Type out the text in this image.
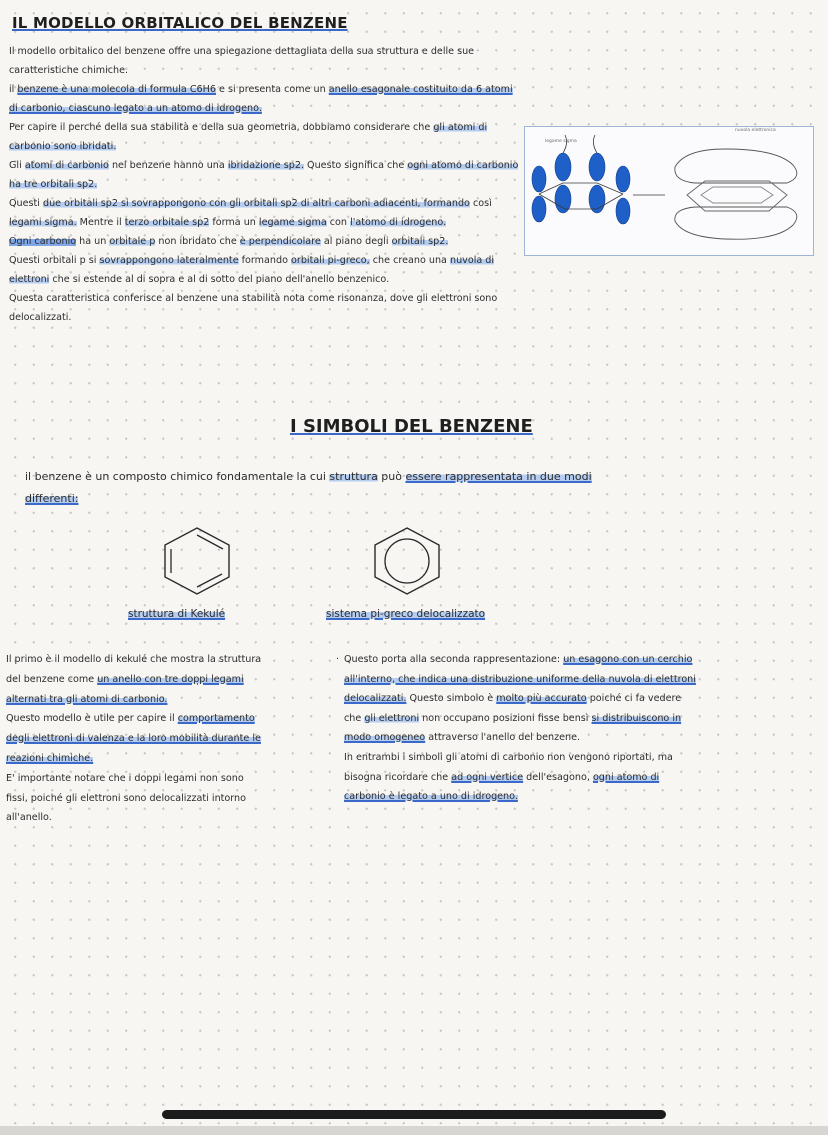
IL MODELLO ORBITALICO DEL BENZENE

Il modello orbitalico del benzene offre una spiegazione dettagliata della sua struttura e delle sue caratteristiche chimiche.

il benzene è una molecola di formula C6H6 e si presenta come un anello esagonale costituito da 6 atomi di carbonio, ciascuno legato a un atomo di idrogeno.

Per capire il perché della sua stabilità e della sua geometria, dobbiamo considerare che gli atomi di carbonio sono ibridati.

Gli atomi di carbonio nel benzene hanno una ibridazione sp2. Questo significa che ogni atomo di carbonio ha tre orbitali sp2.

Questi due orbitali sp2 si sovrappongono con gli orbitali sp2 di altri carboni adiacenti, formando così legami sigma. Mentre il terzo orbitale sp2 forma un legame sigma con l'atomo di idrogeno.

Ogni carbonio ha un orbitale p non ibridato che è perpendicolare al piano degli orbitali sp2.

Questi orbitali p si sovrappongono lateralmente formando orbitali pi-greco, che creano una nuvola di elettroni che si estende al di sopra e al di sotto del piano dell'anello benzenico.

Questa caratteristica conferisce al benzene una stabilità nota come risonanza, dove gli elettroni sono delocalizzati.

legame sigma
nuvola elettronica
I SIMBOLI DEL BENZENE

il benzene è un composto chimico fondamentale la cui struttura può essere rappresentata in due modi differenti:

struttura di Kekulé	sistema pi-greco delocalizzato

Il primo è il modello di kekulé che mostra la struttura del benzene come un anello con tre doppi legami alternati tra gli atomi di carbonio.

Questo modello è utile per capire il comportamento degli elettroni di valenza e la loro mobilità durante le reazioni chimiche.

E' importante notare che i doppi legami non sono fissi, poiché gli elettroni sono delocalizzati intorno all'anello.

· Questo porta alla seconda rappresentazione: un esagono con un cerchio all'interno, che indica una distribuzione uniforme della nuvola di elettroni delocalizzati. Questo simbolo è molto più accurato poiché ci fa vedere che gli elettroni non occupano posizioni fisse bensì si distribuiscono in modo omogeneo attraverso l'anello del benzene.

In entrambi i simboli gli atomi di carbonio non vengono riportati, ma bisogna ricordare che ad ogni vertice dell'esagono, ogni atomo di carbonio è legato a uno di idrogeno.
